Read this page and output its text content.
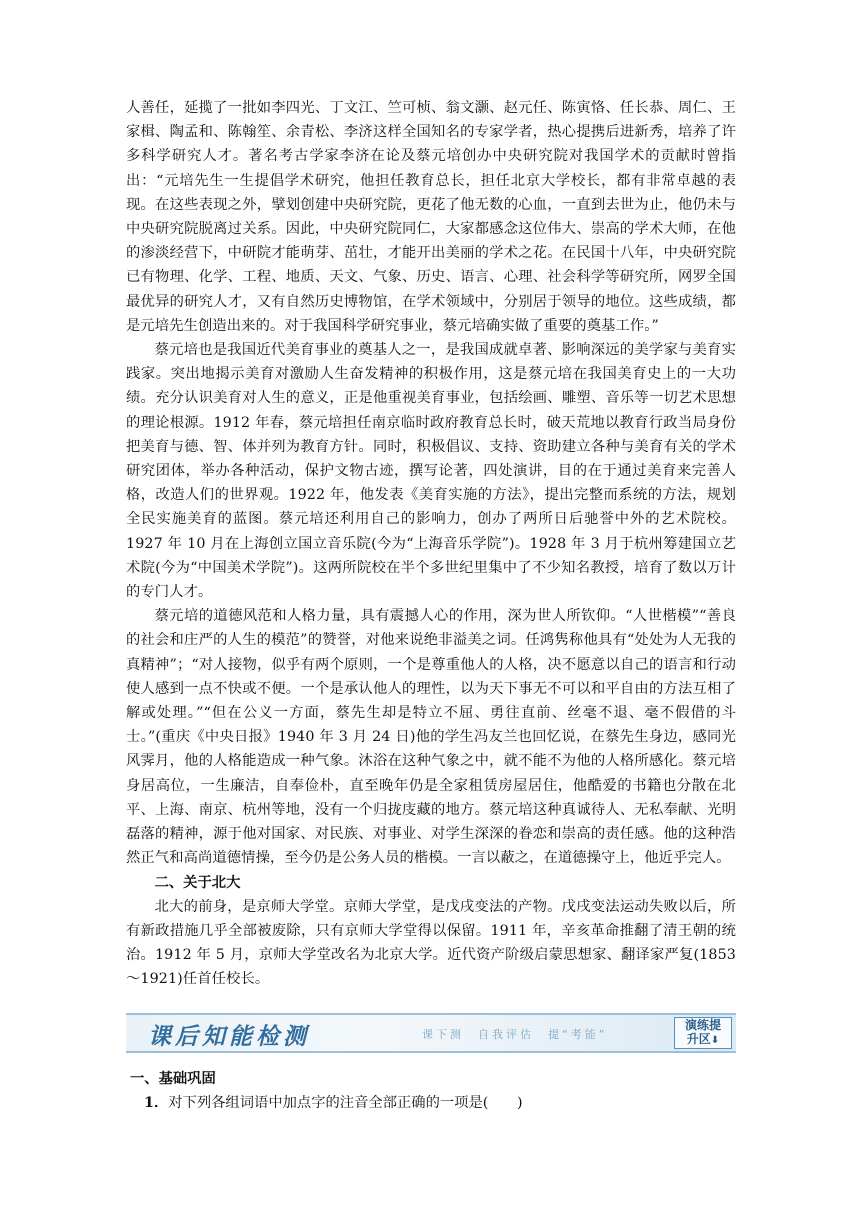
人善任，延揽了一批如李四光、丁文江、竺可桢、翁文灏、赵元任、陈寅恪、任长恭、周仁、王家楫、陶孟和、陈翰笙、余青松、李济这样全国知名的专家学者，热心提携后进新秀，培养了许多科学研究人才。著名考古学家李济在论及蔡元培创办中央研究院对我国学术的贡献时曾指出：“元培先生一生提倡学术研究，他担任教育总长，担任北京大学校长，都有非常卓越的表现。在这些表现之外，擘划创建中央研究院，更花了他无数的心血，一直到去世为止，他仍未与中央研究院脱离过关系。因此，中央研究院同仁，大家都感念这位伟大、崇高的学术大师，在他的渗淡经营下，中研院才能萌芽、茁壮，才能开出美丽的学术之花。在民国十八年，中央研究院已有物理、化学、工程、地质、天文、气象、历史、语言、心理、社会科学等研究所，网罗全国最优异的研究人才，又有自然历史博物馆，在学术领域中，分别居于领导的地位。这些成绩，都是元培先生创造出来的。对于我国科学研究事业，蔡元培确实做了重要的奠基工作。”

蔡元培也是我国近代美育事业的奠基人之一，是我国成就卓著、影响深远的美学家与美育实践家。突出地揭示美育对激励人生奋发精神的积极作用，这是蔡元培在我国美育史上的一大功绩。充分认识美育对人生的意义，正是他重视美育事业，包括绘画、雕塑、音乐等一切艺术思想的理论根源。1912 年春，蔡元培担任南京临时政府教育总长时，破天荒地以教育行政当局身份把美育与德、智、体并列为教育方针。同时，积极倡议、支持、资助建立各种与美育有关的学术研究团体，举办各种活动，保护文物古迹，撰写论著，四处演讲，目的在于通过美育来完善人格，改造人们的世界观。1922 年，他发表《美育实施的方法》，提出完整而系统的方法，规划全民实施美育的蓝图。蔡元培还利用自己的影响力，创办了两所日后驰誉中外的艺术院校。1927 年 10 月在上海创立国立音乐院(今为“上海音乐学院”)。1928 年 3 月于杭州筹建国立艺术院(今为“中国美术学院”)。这两所院校在半个多世纪里集中了不少知名教授，培育了数以万计的专门人才。

蔡元培的道德风范和人格力量，具有震撼人心的作用，深为世人所钦仰。“人世楷模”“善良的社会和庄严的人生的模范”的赞誉，对他来说绝非溢美之词。任鸿隽称他具有“处处为人无我的真精神”；“对人接物，似乎有两个原则，一个是尊重他人的人格，决不愿意以自己的语言和行动使人感到一点不快或不便。一个是承认他人的理性，以为天下事无不可以和平自由的方法互相了解或处理。”“但在公义一方面，蔡先生却是特立不屈、勇往直前、丝毫不退、毫不假借的斗士。”(重庆《中央日报》1940 年 3 月 24 日)他的学生冯友兰也回忆说，在蔡先生身边，感同光风霁月，他的人格能造成一种气象。沐浴在这种气象之中，就不能不为他的人格所感化。蔡元培身居高位，一生廉洁，自奉俭朴，直至晚年仍是全家租赁房屋居住，他酷爱的书籍也分散在北平、上海、南京、杭州等地，没有一个归拢庋藏的地方。蔡元培这种真诚待人、无私奉献、光明磊落的精神，源于他对国家、对民族、对事业、对学生深深的眷恋和崇高的责任感。他的这种浩然正气和高尚道德情操，至今仍是公务人员的楷模。一言以蔽之，在道德操守上，他近乎完人。

二、关于北大

北大的前身，是京师大学堂。京师大学堂，是戊戌变法的产物。戊戌变法运动失败以后，所有新政措施几乎全部被废除，只有京师大学堂得以保留。1911 年，辛亥革命推翻了清王朝的统治。1912 年 5 月，京师大学堂改名为北京大学。近代资产阶级启蒙思想家、翻译家严复(1853～1921)任首任校长。

课后知能检测	课下测　自我评估　提“考能”
演练提
升区⬇

一、基础巩固

1．对下列各组词语中加点字的注音全部正确的一项是(　　)
